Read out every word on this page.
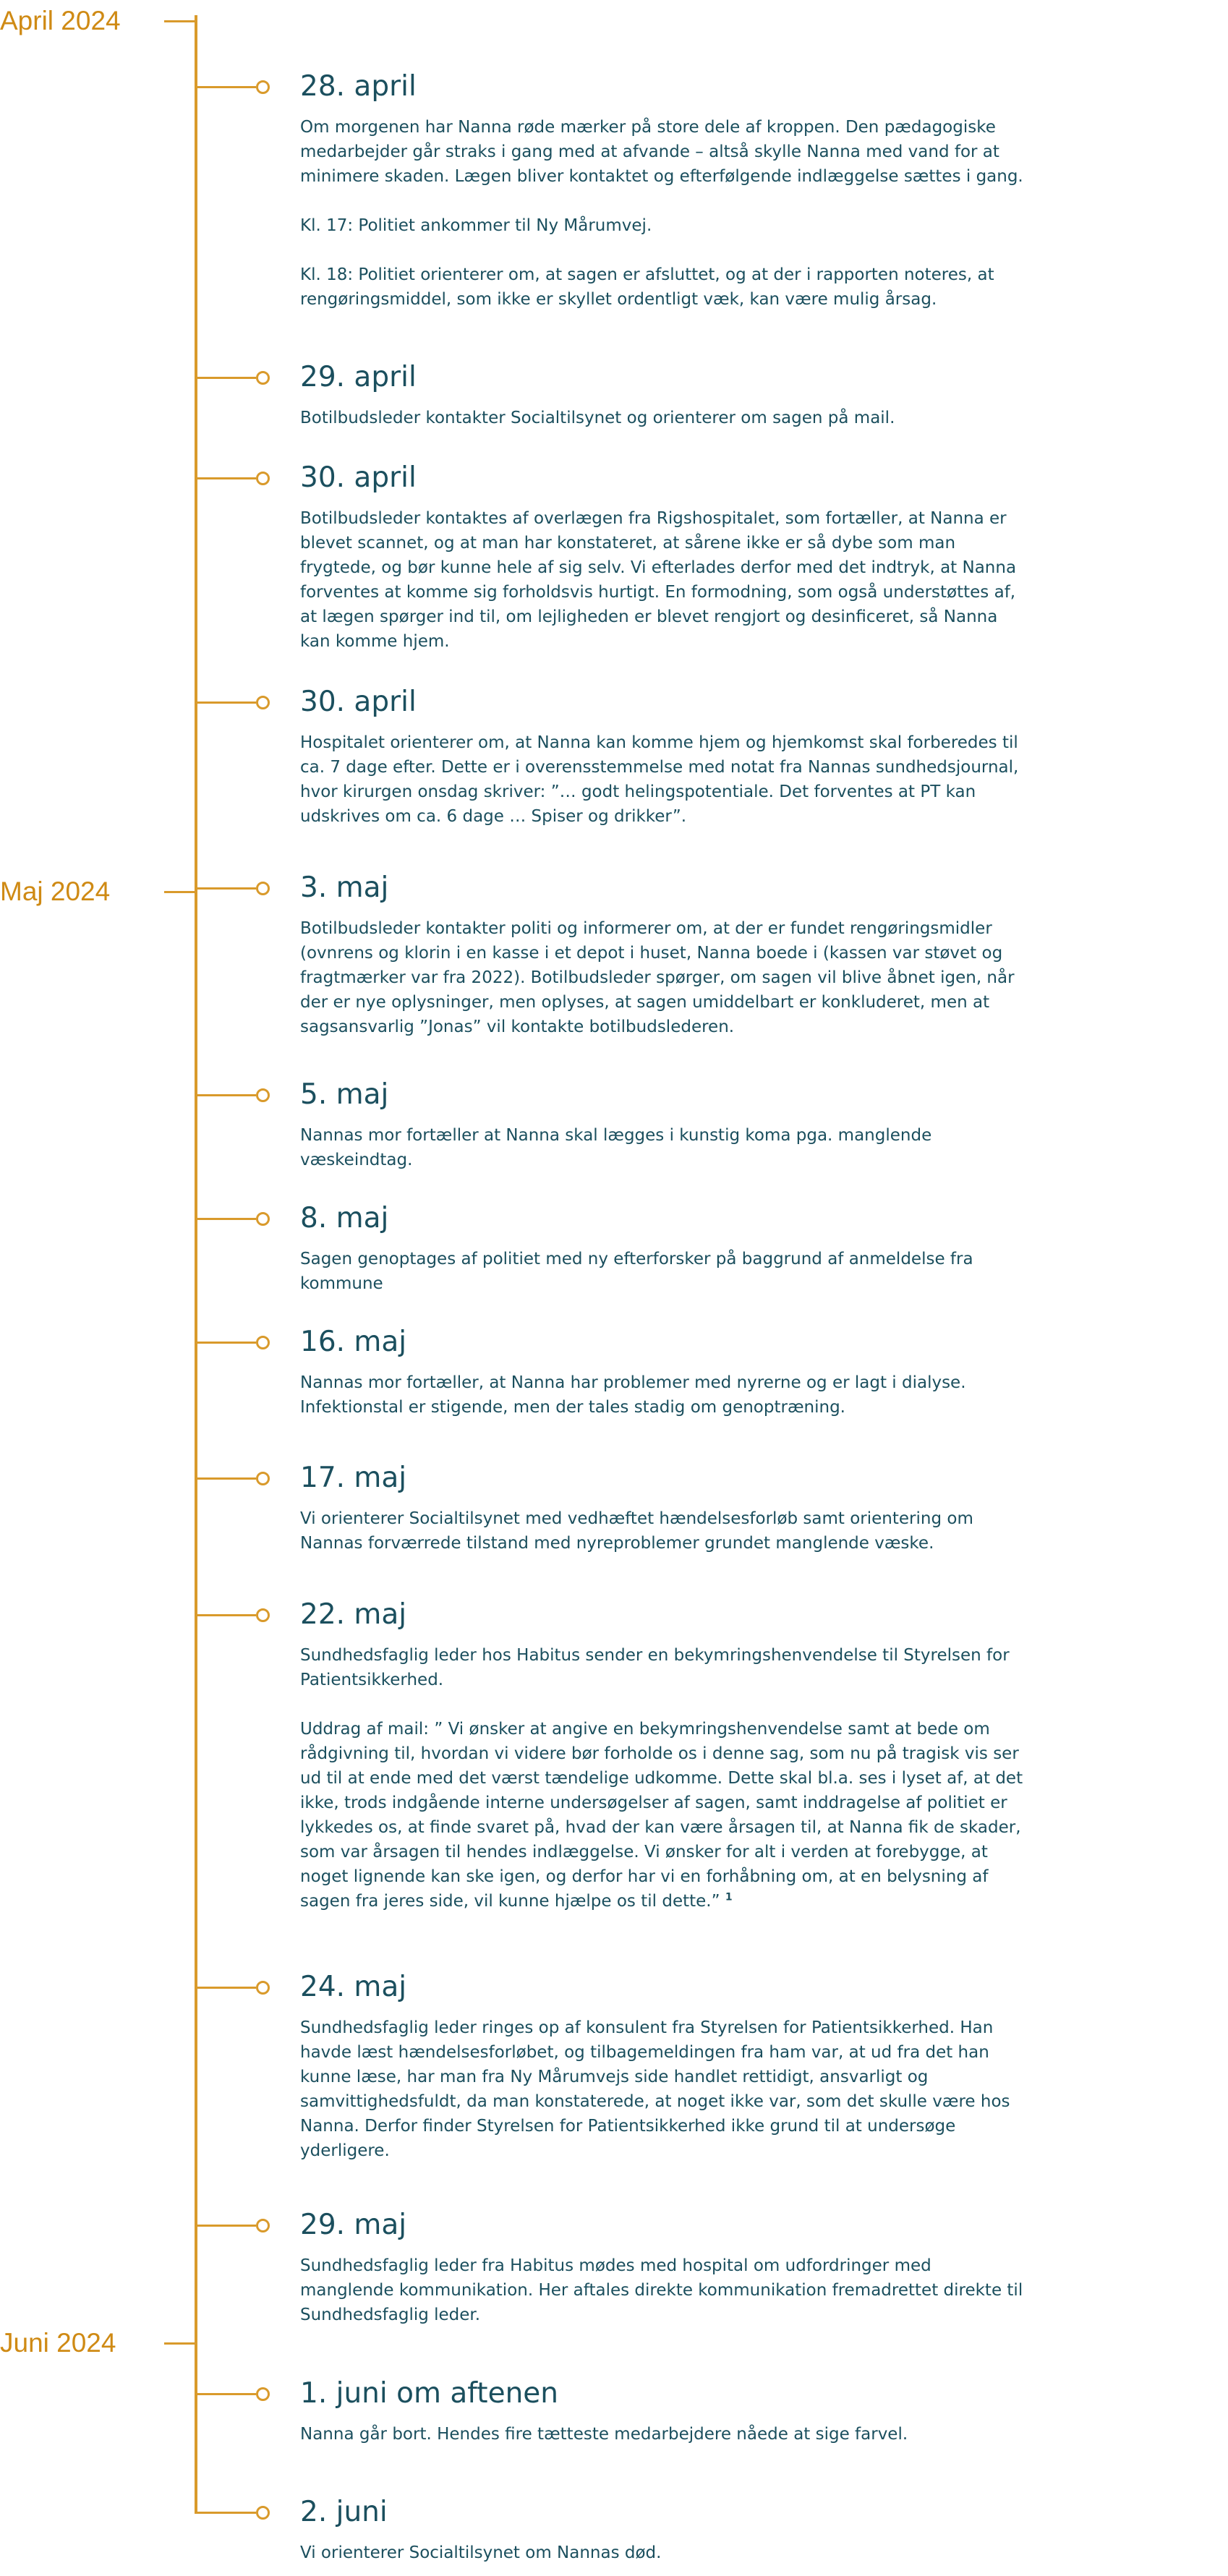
April 2024
Maj 2024
Juni 2024
28. april

Om morgenen har Nanna røde mærker på store dele af kroppen. Den pædagogiske medarbejder går straks i gang med at afvande – altså skylle Nanna med vand for at minimere skaden. Lægen bliver kontaktet og efterfølgende indlæggelse sættes i gang.

Kl. 17: Politiet ankommer til Ny Mårumvej.

Kl. 18: Politiet orienterer om, at sagen er afsluttet, og at der i rapporten noteres, at rengøringsmiddel, som ikke er skyllet ordentligt væk, kan være mulig årsag.

29. april

Botilbudsleder kontakter Socialtilsynet og orienterer om sagen på mail.

30. april

Botilbudsleder kontaktes af overlægen fra Rigshospitalet, som fortæller, at Nanna er blevet scannet, og at man har konstateret, at sårene ikke er så dybe som man frygtede, og bør kunne hele af sig selv. Vi efterlades derfor med det indtryk, at Nanna forventes at komme sig forholdsvis hurtigt. En formodning, som også understøttes af, at lægen spørger ind til, om lejligheden er blevet rengjort og desinficeret, så Nanna kan komme hjem.

30. april

Hospitalet orienterer om, at Nanna kan komme hjem og hjemkomst skal forberedes til ca. 7 dage efter. Dette er i overensstemmelse med notat fra Nannas sundhedsjournal, hvor kirurgen onsdag skriver: ”… godt helingspotentiale. Det forventes at PT kan udskrives om ca. 6 dage … Spiser og drikker”.

3. maj

Botilbudsleder kontakter politi og informerer om, at der er fundet rengøringsmidler (ovnrens og klorin i en kasse i et depot i huset, Nanna boede i (kassen var støvet og fragtmærker var fra 2022). Botilbudsleder spørger, om sagen vil blive åbnet igen, når der er nye oplysninger, men oplyses, at sagen umiddelbart er konkluderet, men at sagsansvarlig ”Jonas” vil kontakte botilbudslederen.

5. maj

Nannas mor fortæller at Nanna skal lægges i kunstig koma pga. manglende væskeindtag.

8. maj

Sagen genoptages af politiet med ny efterforsker på baggrund af anmeldelse fra kommune

16. maj

Nannas mor fortæller, at Nanna har problemer med nyrerne og er lagt i dialyse. Infektionstal er stigende, men der tales stadig om genoptræning.

17. maj

Vi orienterer Socialtilsynet med vedhæftet hændelsesforløb samt orientering om Nannas forværrede tilstand med nyreproblemer grundet manglende væske.

22. maj

Sundhedsfaglig leder hos Habitus sender en bekymringshenvendelse til Styrelsen for Patientsikkerhed.

Uddrag af mail: ” Vi ønsker at angive en bekymringshenvendelse samt at bede om rådgivning til, hvordan vi videre bør forholde os i denne sag, som nu på tragisk vis ser ud til at ende med det værst tændelige udkomme. Dette skal bl.a. ses i lyset af, at det ikke, trods indgående interne undersøgelser af sagen, samt inddragelse af politiet er lykkedes os, at finde svaret på, hvad der kan være årsagen til, at Nanna fik de skader, som var årsagen til hendes indlæggelse. Vi ønsker for alt i verden at forebygge, at noget lignende kan ske igen, og derfor har vi en forhåbning om, at en belysning af sagen fra jeres side, vil kunne hjælpe os til dette.” $^1$

24. maj

Sundhedsfaglig leder ringes op af konsulent fra Styrelsen for Patientsikkerhed. Han havde læst hændelsesforløbet, og tilbagemeldingen fra ham var, at ud fra det han kunne læse, har man fra Ny Mårumvejs side handlet rettidigt, ansvarligt og samvittighedsfuldt, da man konstaterede, at noget ikke var, som det skulle være hos Nanna. Derfor finder Styrelsen for Patientsikkerhed ikke grund til at undersøge yderligere.

29. maj

Sundhedsfaglig leder fra Habitus mødes med hospital om udfordringer med manglende kommunikation. Her aftales direkte kommunikation fremadrettet direkte til Sundhedsfaglig leder.

1. juni om aftenen

Nanna går bort. Hendes fire tætteste medarbejdere nåede at sige farvel.

2. juni

Vi orienterer Socialtilsynet om Nannas død.
